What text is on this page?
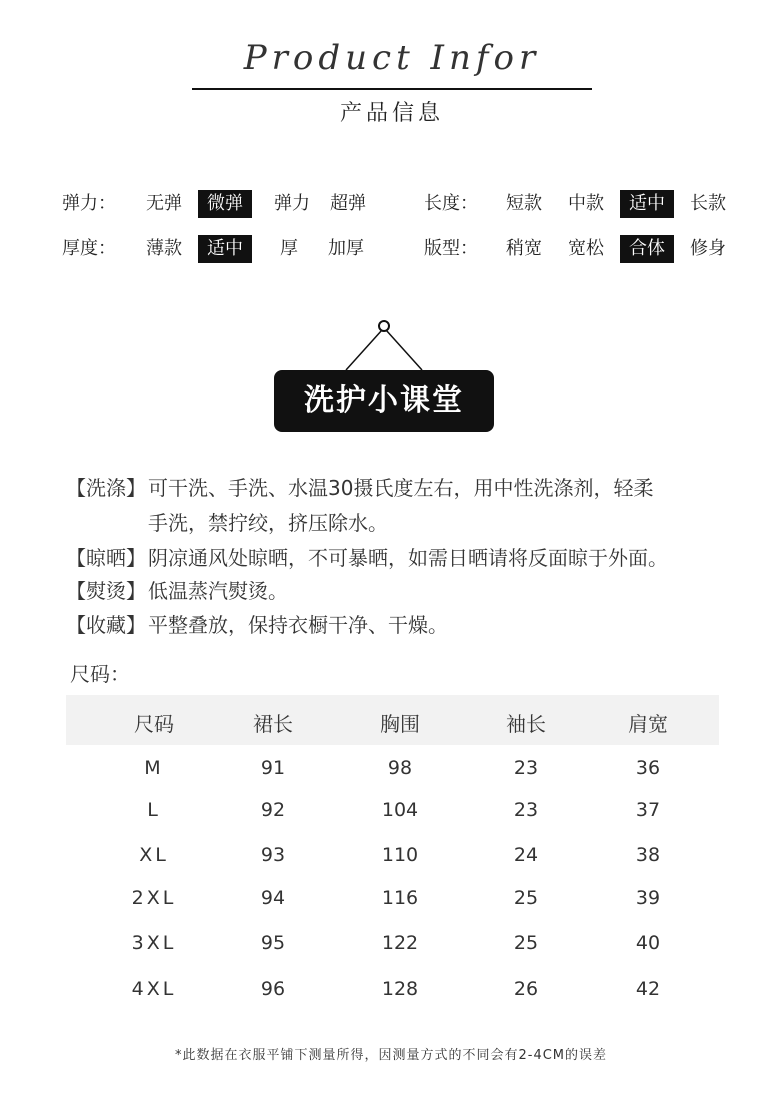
Product Infor
产品信息
弹力： 无弹	微弹	弹力 超弹	长度： 短款 中款	适中	长款
厚度： 薄款	适中	厚 加厚	版型： 稍宽 宽松	合体	修身
洗护小课堂
【洗涤】 可干洗、手洗、水温30摄氏度左右，用中性洗涤剂，轻柔
手洗，禁拧绞，挤压除水。
【晾晒】 阴凉通风处晾晒，不可暴晒，如需日晒请将反面晾于外面。
【熨烫】 低温蒸汽熨烫。
【收藏】 平整叠放，保持衣橱干净、干燥。
尺码：
尺码	裙长	胸围	袖长	肩宽
M	91	98	23	36
L	92	104	23	37
XL	93	110	24	38
2XL	94	116	25	39
3XL	95	122	25	40
4XL	96	128	26	42
*此数据在衣服平铺下测量所得，因测量方式的不同会有2-4CM的误差
